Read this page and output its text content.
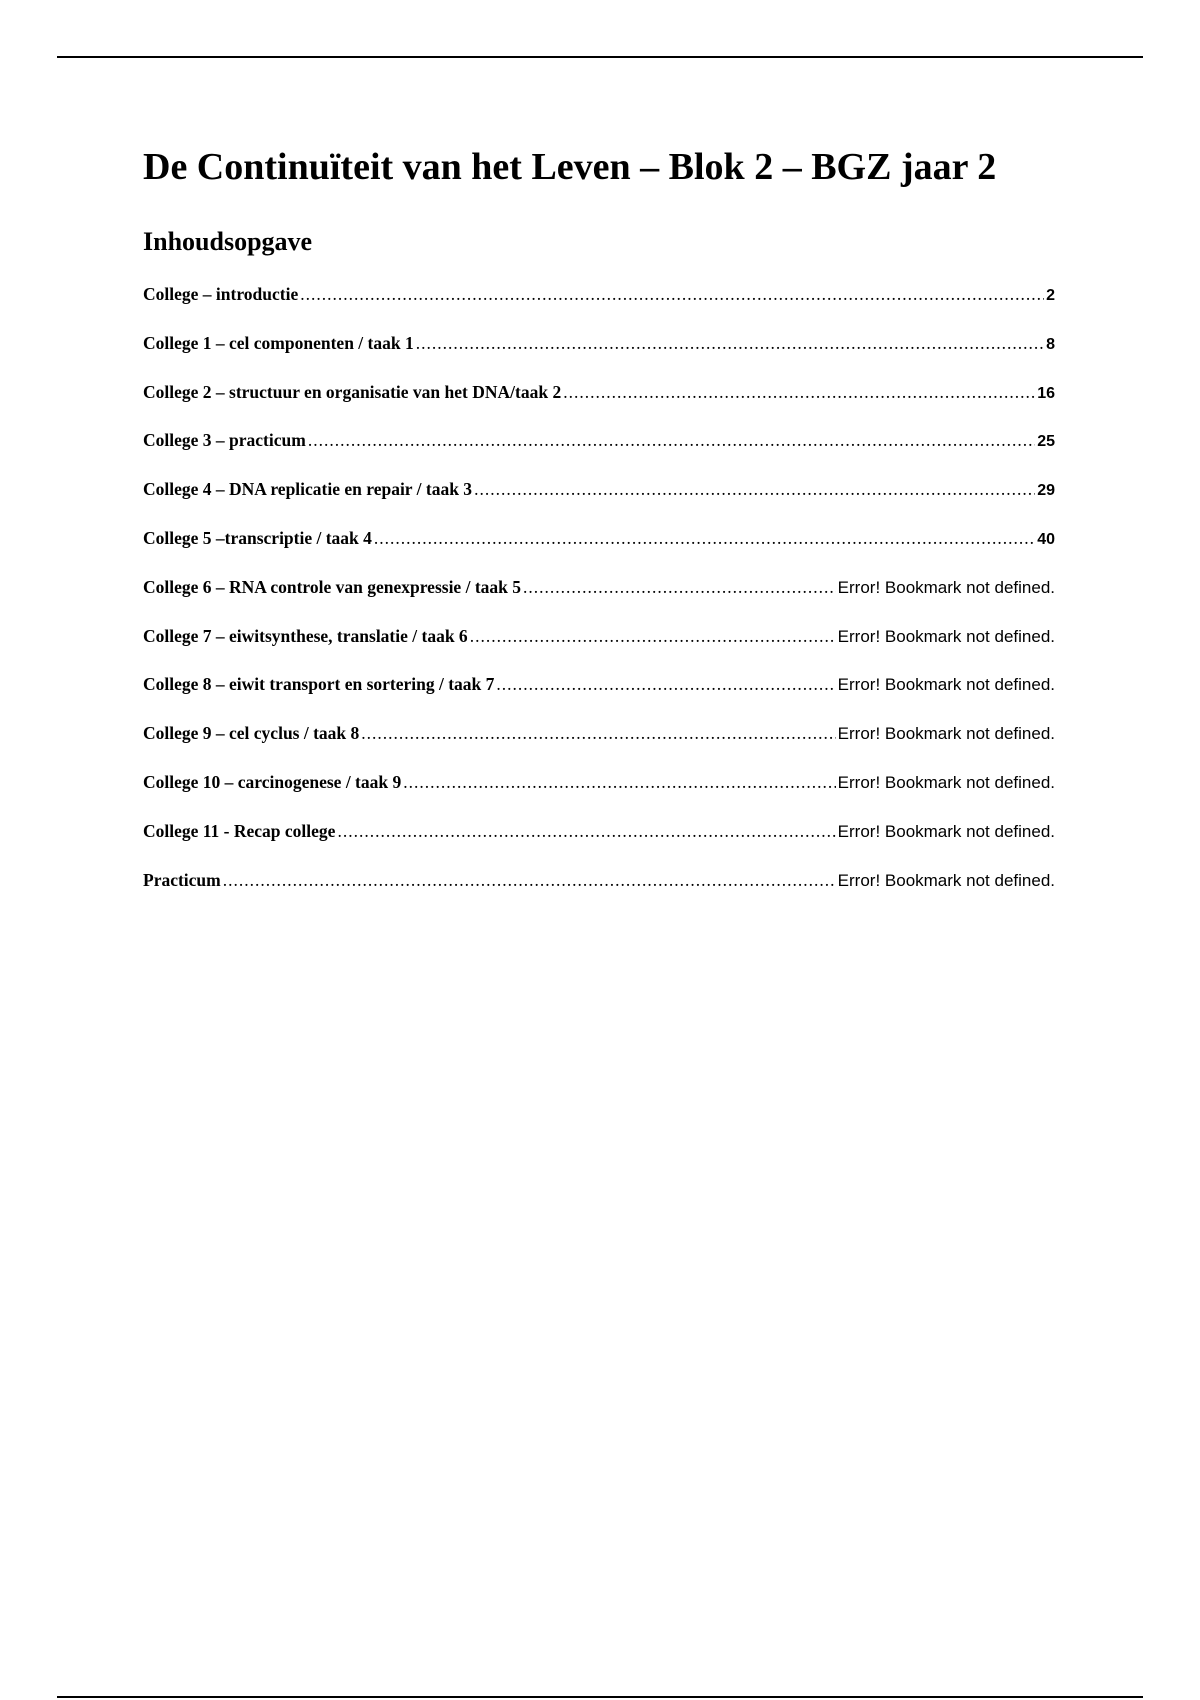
De Continuïteit van het Leven – Blok 2 – BGZ jaar 2
Inhoudsopgave
College – introductie .....	2
College 1 – cel componenten / taak 1 .....	8
College 2 – structuur en organisatie van het DNA/taak 2 .....	16
College 3 – practicum .....	25
College 4 – DNA replicatie en repair / taak 3 .....	29
College 5 –transcriptie / taak 4 .....	40
College 6 – RNA controle van genexpressie / taak 5 .....	Error! Bookmark not defined.
College 7 – eiwitsynthese, translatie / taak 6 .....	Error! Bookmark not defined.
College 8 – eiwit transport en sortering / taak 7 .....	Error! Bookmark not defined.
College 9 – cel cyclus / taak 8 .....	Error! Bookmark not defined.
College 10 – carcinogenese / taak 9 .....	Error! Bookmark not defined.
College 11 - Recap college .....	Error! Bookmark not defined.
Practicum .....	Error! Bookmark not defined.
